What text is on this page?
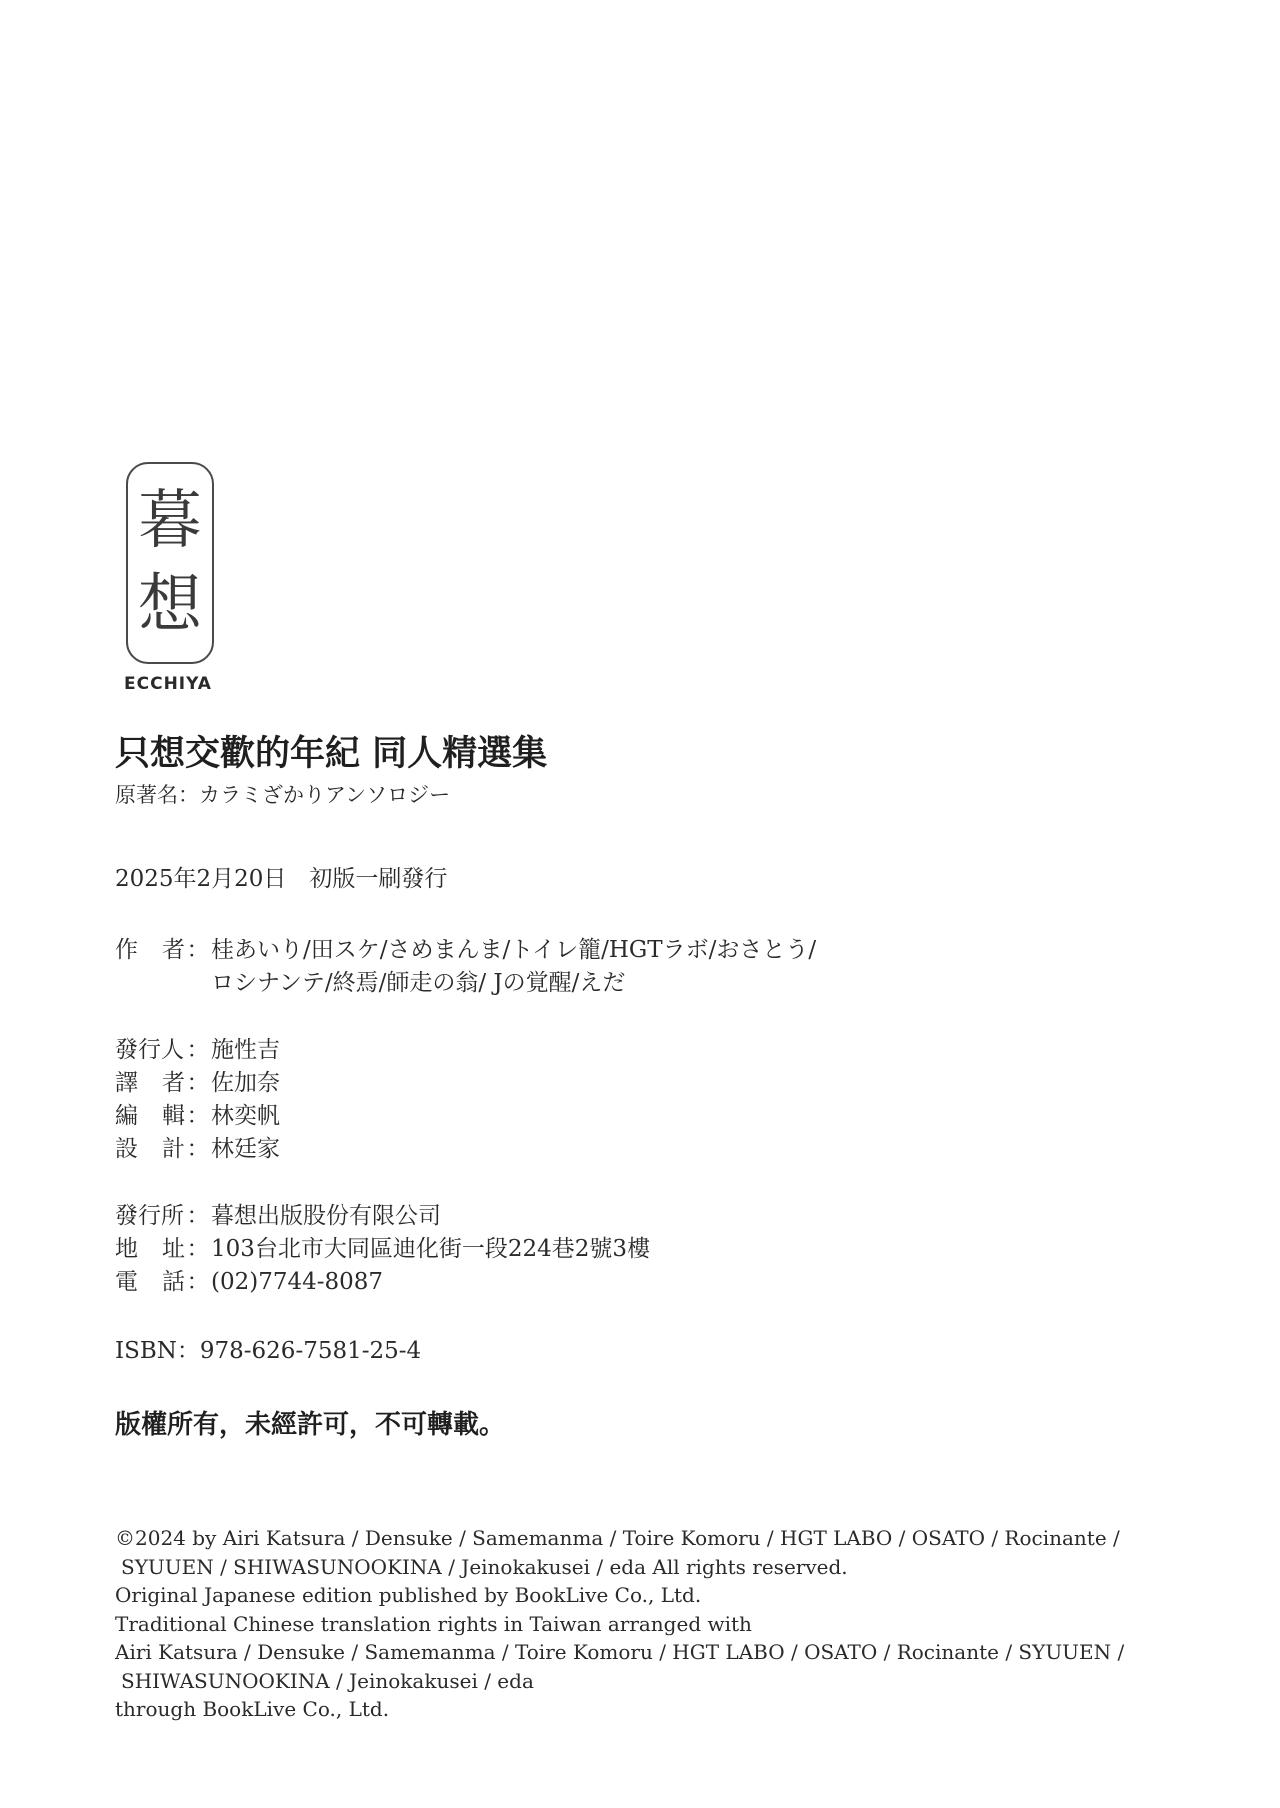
暮
想
ECCHIYA
只想交歡的年紀 同人精選集
原著名：カラミざかりアンソロジー
2025年2月20日　初版一刷發行
作 者 ： 桂あいり/田スケ/さめまんま/トイレ籠/HGTラボ/おさとう/
ロシナンテ/終焉/師走の翁/ Jの覚醒/えだ
發行人 ： 施性吉
譯 者 ： 佐加奈
編 輯 ： 林奕帆
設 計 ： 林廷家
發行所 ： 暮想出版股份有限公司
地 址 ： 103台北市大同區迪化街一段224巷2號3樓
電 話 ： (02)7744-8087
ISBN：978-626-7581-25-4
版權所有，未經許可，不可轉載。
©2024 by Airi Katsura / Densuke / Samemanma / Toire Komoru / HGT LABO / OSATO / Rocinante /
SYUUEN / SHIWASUNOOKINA / Jeinokakusei / eda All rights reserved.
Original Japanese edition published by BookLive Co., Ltd.
Traditional Chinese translation rights in Taiwan arranged with
Airi Katsura / Densuke / Samemanma / Toire Komoru / HGT LABO / OSATO / Rocinante / SYUUEN /
SHIWASUNOOKINA / Jeinokakusei / eda
through BookLive Co., Ltd.
